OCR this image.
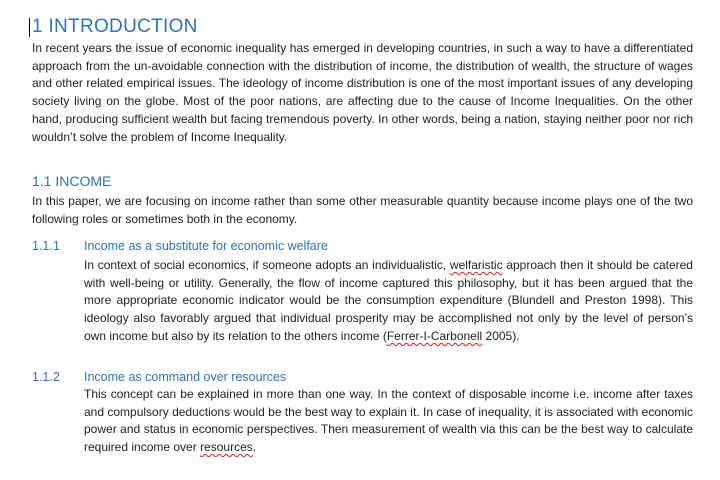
1 INTRODUCTION

In recent years the issue of economic inequality has emerged in developing countries, in such a way to have a differentiated approach from the un-avoidable connection with the distribution of income, the distribution of wealth, the structure of wages and other related empirical issues. The ideology of income distribution is one of the most important issues of any developing society living on the globe. Most of the poor nations, are affecting due to the cause of Income Inequalities. On the other hand, producing sufficient wealth but facing tremendous poverty. In other words, being a nation, staying neither poor nor rich wouldn’t solve the problem of Income Inequality.

1.1 INCOME

In this paper, we are focusing on income rather than some other measurable quantity because income plays one of the two following roles or sometimes both in the economy.

1.1.1 Income as a substitute for economic welfare

In context of social economics, if someone adopts an individualistic, welfaristic approach then it should be catered with well-being or utility. Generally, the flow of income captured this philosophy, but it has been argued that the more appropriate economic indicator would be the consumption expenditure (Blundell and Preston 1998). This ideology also favorably argued that individual prosperity may be accomplished not only by the level of person’s own income but also by its relation to the others income (Ferrer-I-Carbonell 2005).

1.1.2 Income as command over resources

This concept can be explained in more than one way. In the context of disposable income i.e. income after taxes and compulsory deductions would be the best way to explain it. In case of inequality, it is associated with economic power and status in economic perspectives. Then measurement of wealth via this can be the best way to calculate required income over resources.
